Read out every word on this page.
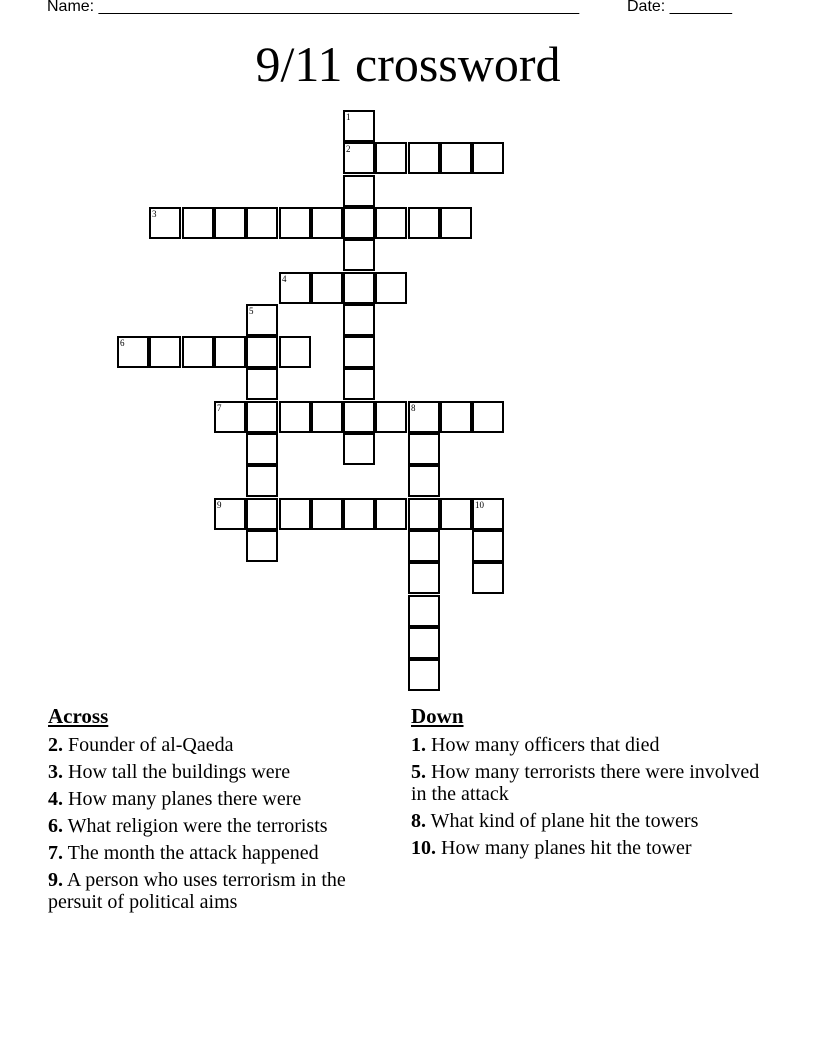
Name: ______________________________________________________	Date: _______
9/11 crossword
1
2
3
4
5
6
7	8
9	10
Across
2. Founder of al-Qaeda
3. How tall the buildings were
4. How many planes there were
6. What religion were the terrorists
7. The month the attack happened
9. A person who uses terrorism in the persuit of political aims
Down
1. How many officers that died
5. How many terrorists there were involved in the attack
8. What kind of plane hit the towers
10. How many planes hit the tower
